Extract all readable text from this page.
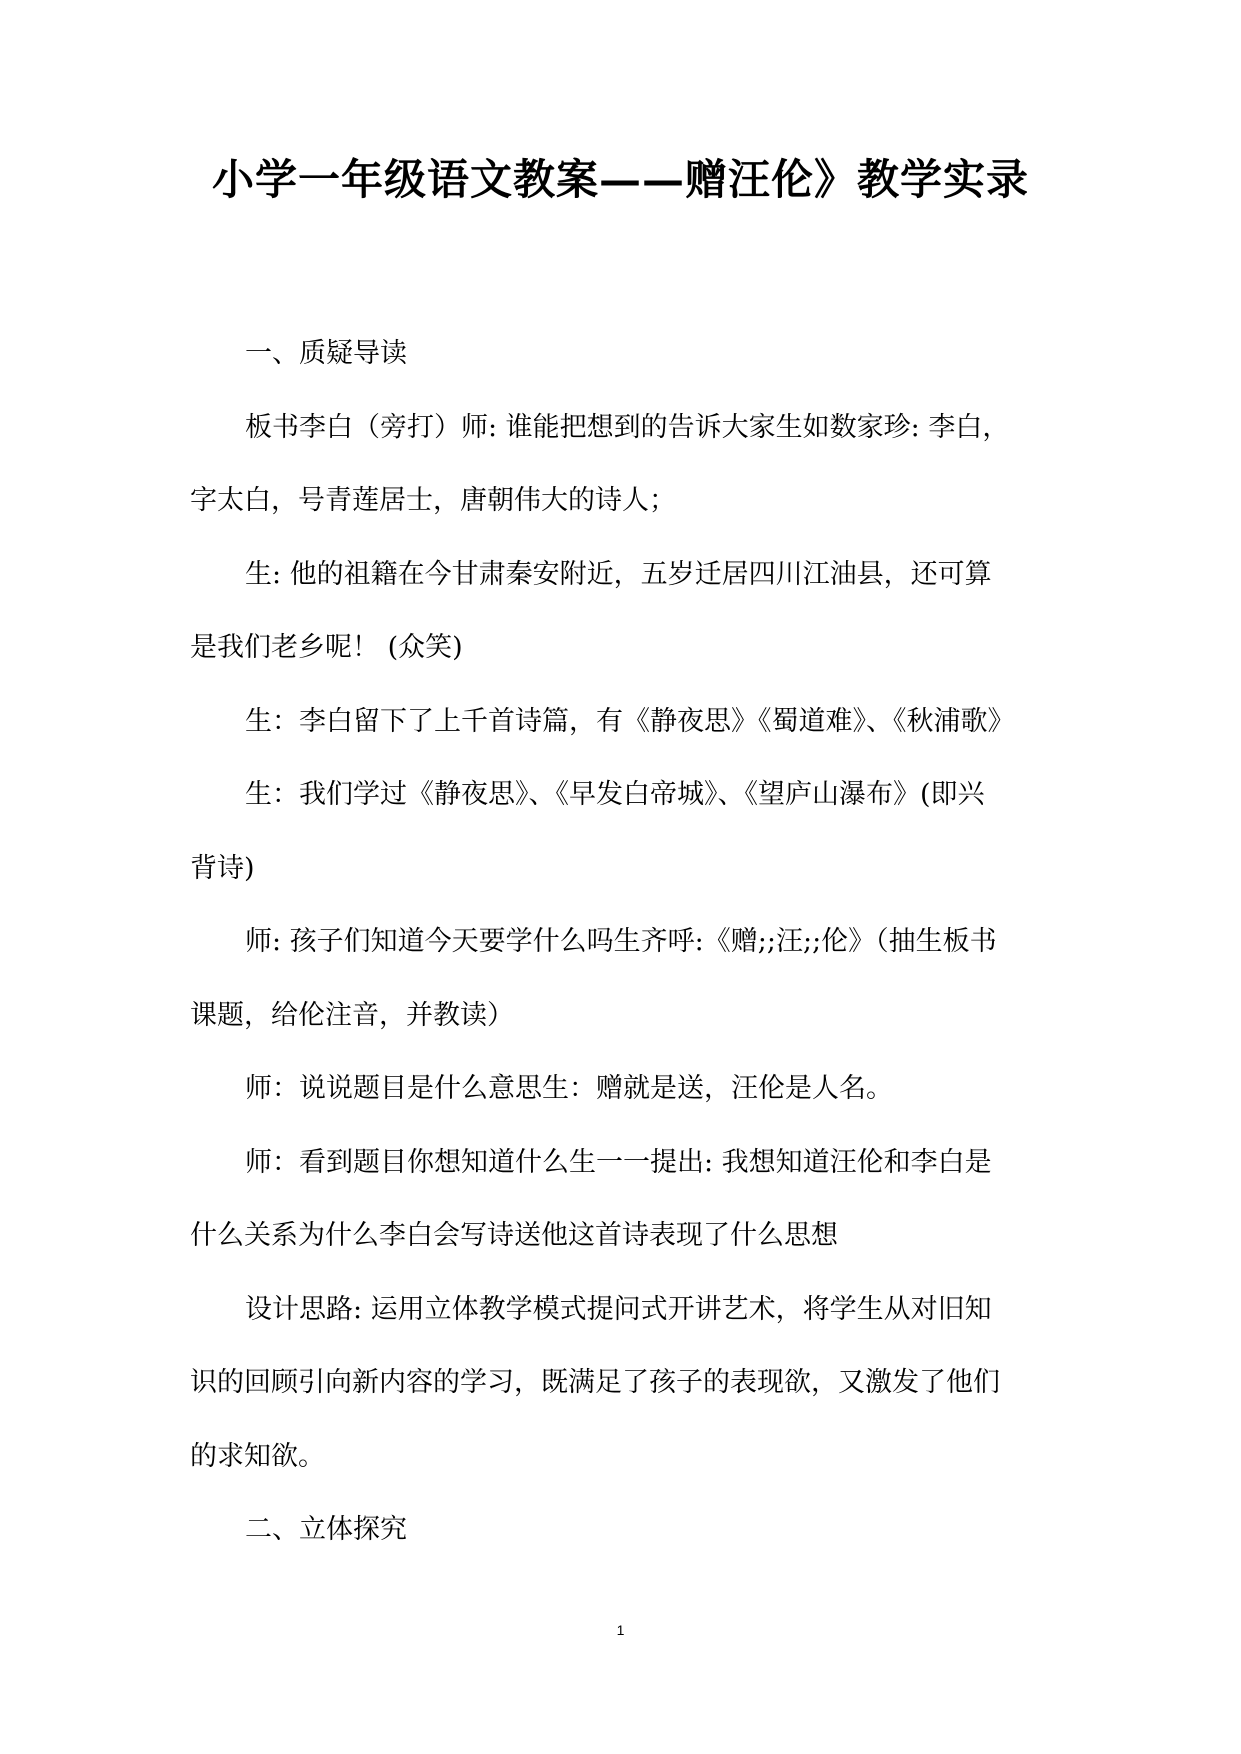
小学一年级语文教案——赠汪伦》教学实录
一、质疑导读
板书李白（旁打）师: 谁能把想到的告诉大家生如数家珍: 李白，
字太白，号青莲居士，唐朝伟大的诗人；
生: 他的祖籍在今甘肃秦安附近，五岁迁居四川江油县，还可算
是我们老乡呢！ (众笑)
生：李白留下了上千首诗篇，有《静夜思》《蜀道难》、《秋浦歌》
生：我们学过《静夜思》、《早发白帝城》、《望庐山瀑布》(即兴
背诗)
师: 孩子们知道今天要学什么吗生齐呼:《赠;;汪;;伦》（抽生板书
课题，给伦注音，并教读）
师：说说题目是什么意思生：赠就是送，汪伦是人名。
师：看到题目你想知道什么生一一提出: 我想知道汪伦和李白是
什么关系为什么李白会写诗送他这首诗表现了什么思想
设计思路: 运用立体教学模式提问式开讲艺术，将学生从对旧知
识的回顾引向新内容的学习，既满足了孩子的表现欲，又激发了他们
的求知欲。
二、立体探究
1
